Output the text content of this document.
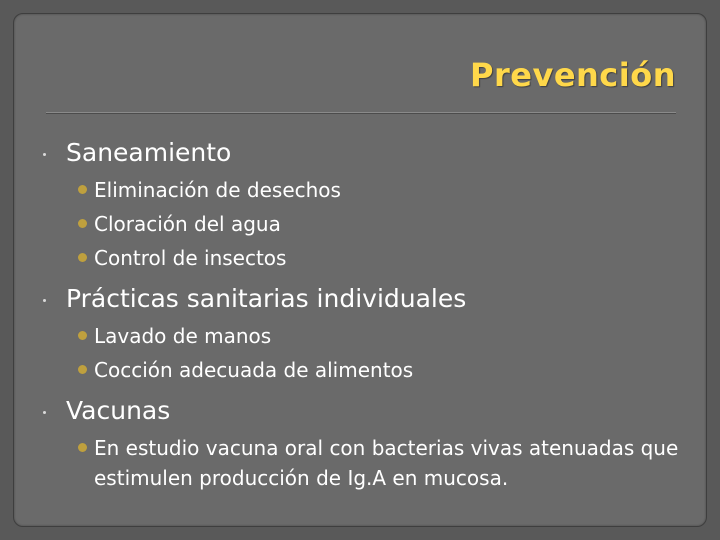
Prevención
Saneamiento
Eliminación de desechos
Cloración del agua
Control de insectos
Prácticas sanitarias individuales
Lavado de manos
Cocción adecuada de alimentos
Vacunas
En estudio vacuna oral con bacterias vivas atenuadas que estimulen producción de Ig.A en mucosa.
